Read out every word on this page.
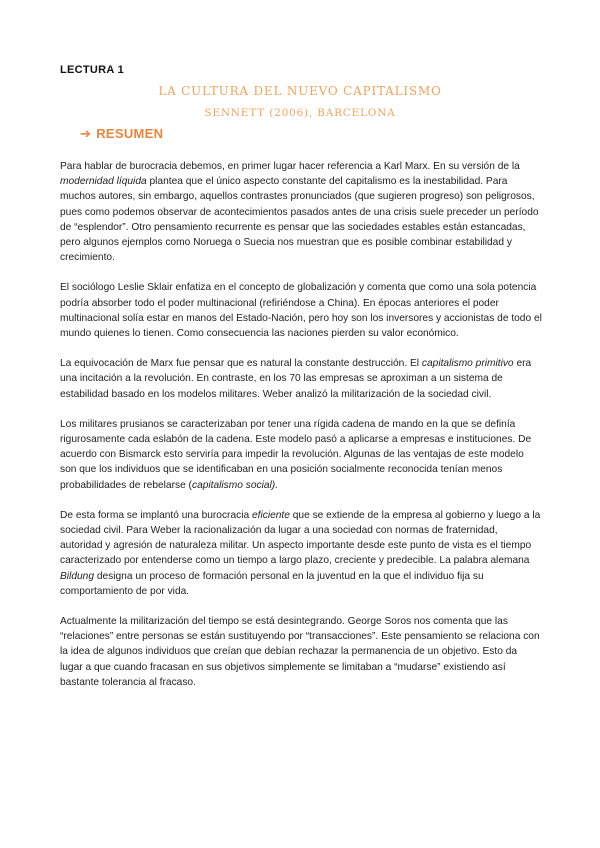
LECTURA 1
LA CULTURA DEL NUEVO CAPITALISMO
SENNETT (2006), BARCELONA
➔ RESUMEN

Para hablar de burocracia debemos, en primer lugar hacer referencia a Karl Marx. En su versión de la modernidad líquida plantea que el único aspecto constante del capitalismo es la inestabilidad. Para muchos autores, sin embargo, aquellos contrastes pronunciados (que sugieren progreso) son peligrosos, pues como podemos observar de acontecimientos pasados antes de una crisis suele preceder un período de “esplendor”. Otro pensamiento recurrente es pensar que las sociedades estables están estancadas, pero algunos ejemplos como Noruega o Suecia nos muestran que es posible combinar estabilidad y crecimiento.

El sociólogo Leslie Sklair enfatiza en el concepto de globalización y comenta que como una sola potencia podría absorber todo el poder multinacional (refiriéndose a China). En épocas anteriores el poder multinacional solía estar en manos del Estado-Nación, pero hoy son los inversores y accionistas de todo el mundo quienes lo tienen. Como consecuencia las naciones pierden su valor económico.

La equivocación de Marx fue pensar que es natural la constante destrucción. El capitalismo primitivo era una incitación a la revolución. En contraste, en los 70 las empresas se aproximan a un sistema de estabilidad basado en los modelos militares. Weber analizó la militarización de la sociedad civil.

Los militares prusianos se caracterizaban por tener una rígida cadena de mando en la que se definía rigurosamente cada eslabón de la cadena. Este modelo pasó a aplicarse a empresas e instituciones. De acuerdo con Bismarck esto serviría para impedir la revolución. Algunas de las ventajas de este modelo son que los individuos que se identificaban en una posición socialmente reconocida tenían menos probabilidades de rebelarse (capitalismo social).

De esta forma se implantó una burocracia eficiente que se extiende de la empresa al gobierno y luego a la sociedad civil. Para Weber la racionalización da lugar a una sociedad con normas de fraternidad, autoridad y agresión de naturaleza militar. Un aspecto importante desde este punto de vista es el tiempo caracterizado por entenderse como un tiempo a largo plazo, creciente y predecible. La palabra alemana Bildung designa un proceso de formación personal en la juventud en la que el individuo fija su comportamiento de por vida.

Actualmente la militarización del tiempo se está desintegrando. George Soros nos comenta que las “relaciones” entre personas se están sustituyendo por “transacciones”. Este pensamiento se relaciona con la idea de algunos individuos que creían que debían rechazar la permanencia de un objetivo. Esto da lugar a que cuando fracasan en sus objetivos simplemente se limitaban a “mudarse” existiendo así bastante tolerancia al fracaso.
